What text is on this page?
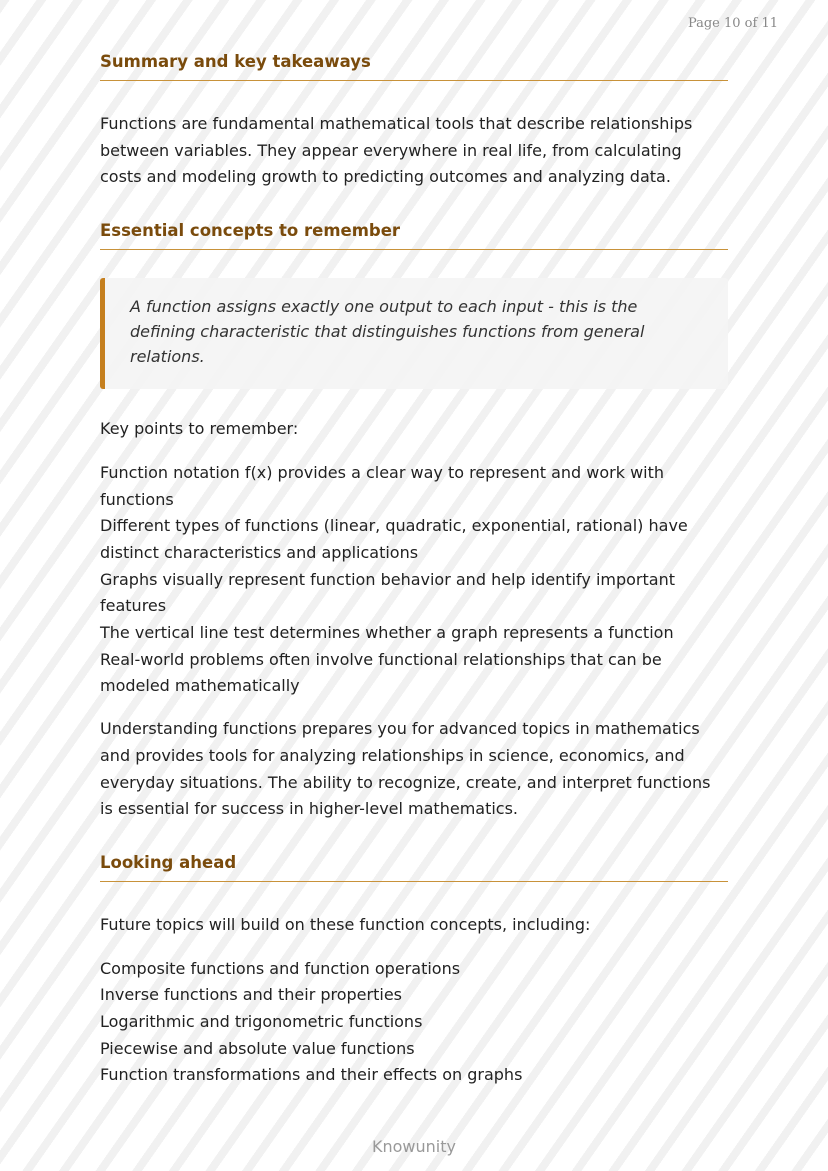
Page 10 of 11
Summary and key takeaways

Functions are fundamental mathematical tools that describe relationships between variables. They appear everywhere in real life, from calculating costs and modeling growth to predicting outcomes and analyzing data.

Essential concepts to remember

A function assigns exactly one output to each input - this is the defining characteristic that distinguishes functions from general relations.

Key points to remember:

Function notation f(x) provides a clear way to represent and work with functions

Different types of functions (linear, quadratic, exponential, rational) have distinct characteristics and applications

Graphs visually represent function behavior and help identify important features

The vertical line test determines whether a graph represents a function

Real-world problems often involve functional relationships that can be modeled mathematically

Understanding functions prepares you for advanced topics in mathematics and provides tools for analyzing relationships in science, economics, and everyday situations. The ability to recognize, create, and interpret functions is essential for success in higher-level mathematics.

Looking ahead

Future topics will build on these function concepts, including:

Composite functions and function operations

Inverse functions and their properties

Logarithmic and trigonometric functions

Piecewise and absolute value functions

Function transformations and their effects on graphs

Knowunity
